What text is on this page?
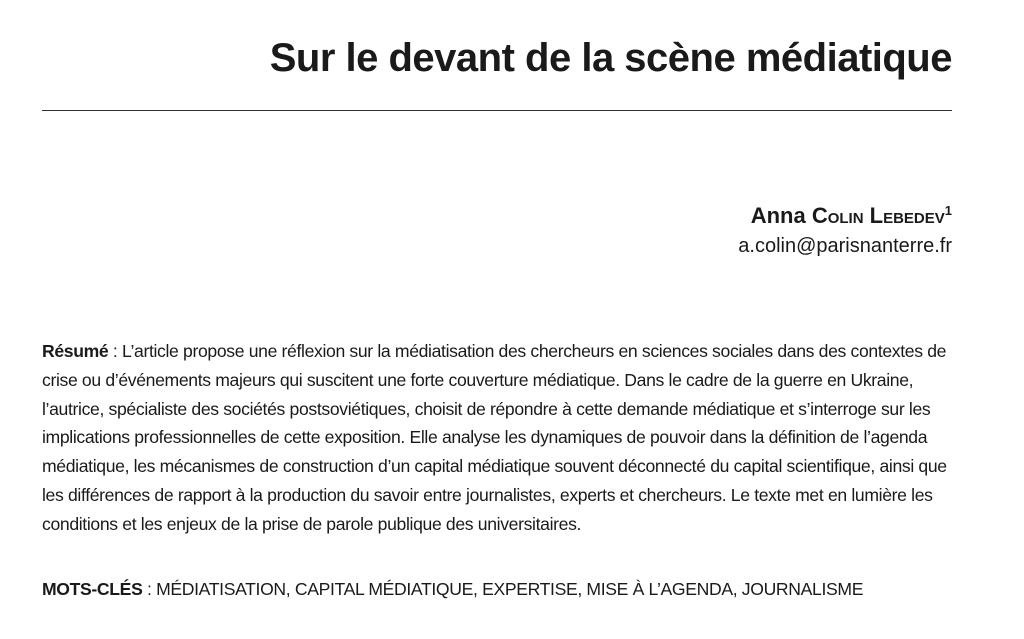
Sur le devant de la scène médiatique
Anna Colin Lebedev$^1$
a.colin@parisnanterre.fr

Résumé : L’article propose une réflexion sur la médiatisation des chercheurs en sciences sociales dans des contextes de crise ou d’événements majeurs qui suscitent une forte couverture médiatique. Dans le cadre de la guerre en Ukraine, l’autrice, spécialiste des sociétés postsoviétiques, choisit de répondre à cette demande médiatique et s’interroge sur les implications professionnelles de cette exposition. Elle analyse les dynamiques de pouvoir dans la définition de l’agenda médiatique, les mécanismes de construction d’un capital médiatique souvent déconnecté du capital scientifique, ainsi que les différences de rapport à la production du savoir entre journalistes, experts et chercheurs. Le texte met en lumière les conditions et les enjeux de la prise de parole publique des universitaires.

MOTS-CLÉS : MÉDIATISATION, CAPITAL MÉDIATIQUE, EXPERTISE, MISE À L’AGENDA, JOURNALISME
